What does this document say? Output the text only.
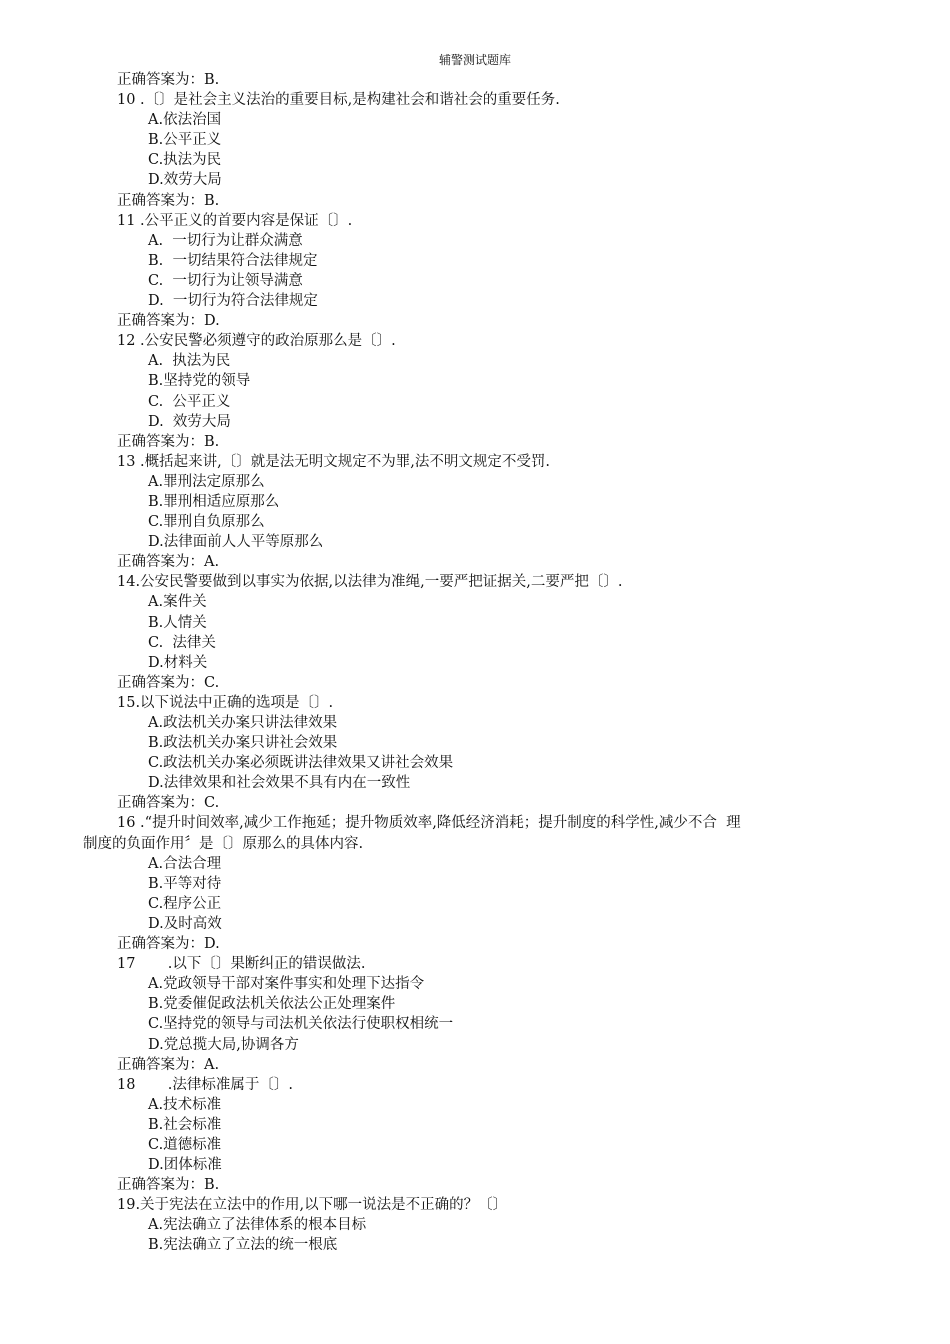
辅警测试题库
正确答案为：B.
10 .〔〕是社会主义法治的重要目标,是构建社会和谐社会的重要任务.
A.依法治国
B.公平正义
C.执法为民
D.效劳大局
正确答案为：B.
11 .公平正义的首要内容是保证〔〕.
A.  一切行为让群众满意
B.  一切结果符合法律规定
C.  一切行为让领导满意
D.  一切行为符合法律规定
正确答案为：D.
12 .公安民警必须遵守的政治原那么是〔〕.
A.  执法为民
B.坚持党的领导
C.  公平正义
D.  效劳大局
正确答案为：B.
13 .概括起来讲,〔〕就是法无明文规定不为罪,法不明文规定不受罚.
A.罪刑法定原那么
B.罪刑相适应原那么
C.罪刑自负原那么
D.法律面前人人平等原那么
正确答案为：A.
14.公安民警要做到以事实为依据,以法律为准绳,一要严把证据关,二要严把〔〕.
A.案件关
B.人情关
C.  法律关
D.材料关
正确答案为：C.
15.以下说法中正确的选项是〔〕.
A.政法机关办案只讲法律效果
B.政法机关办案只讲社会效果
C.政法机关办案必须既讲法律效果又讲社会效果
D.法律效果和社会效果不具有内在一致性
正确答案为：C.
16 .“提升时间效率,减少工作拖延；提升物质效率,降低经济消耗；提升制度的科学性,减少不合  理
制度的负面作用〞是〔〕原那么的具体内容.
A.合法合理
B.平等对待
C.程序公正
D.及时高效
正确答案为：D.
17       .以下〔〕果断纠正的错误做法.
A.党政领导干部对案件事实和处理下达指令
B.党委催促政法机关依法公正处理案件
C.坚持党的领导与司法机关依法行使职权相统一
D.党总揽大局,协调各方
正确答案为：A.
18       .法律标准属于〔〕.
A.技术标准
B.社会标准
C.道德标准
D.团体标准
正确答案为：B.
19.关于宪法在立法中的作用,以下哪一说法是不正确的？〔〕
A.宪法确立了法律体系的根本目标
B.宪法确立了立法的统一根底
